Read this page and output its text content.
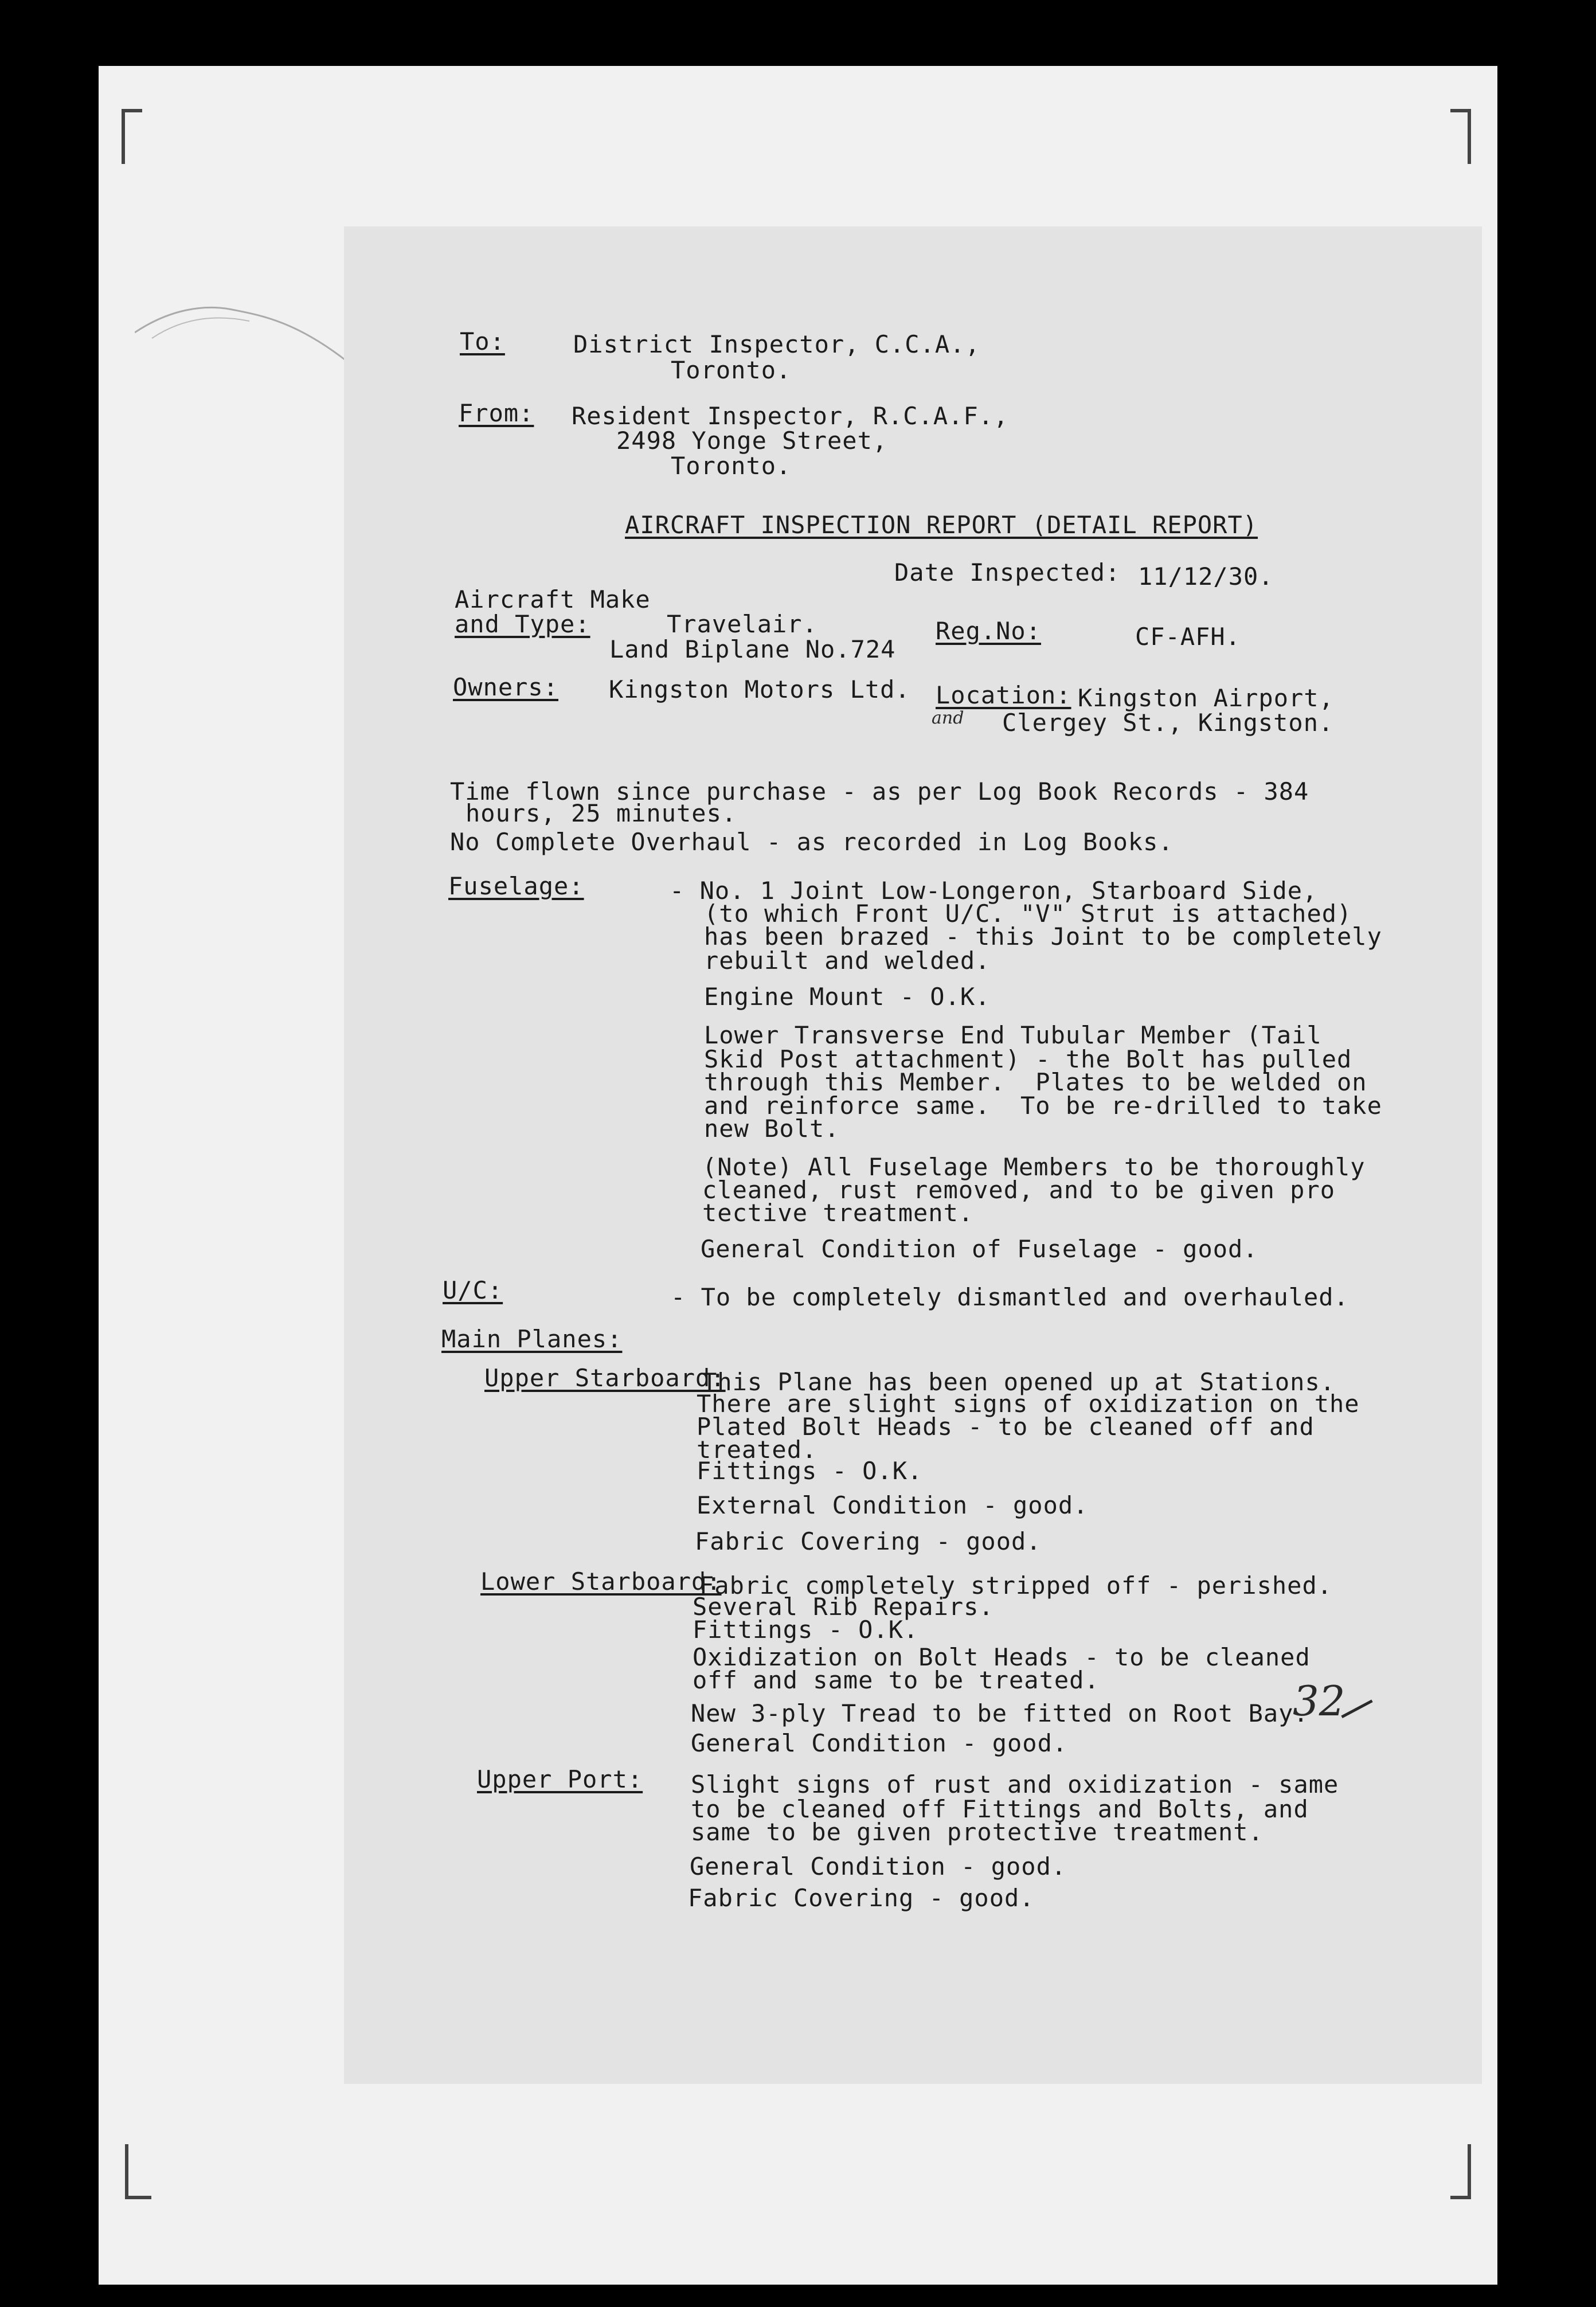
To:	District Inspector, C.C.A.,
Toronto.
From: Resident Inspector, R.C.A.F.,
2498 Yonge Street,
Toronto.
AIRCRAFT INSPECTION REPORT (DETAIL REPORT)
Date Inspected: 11/12/30.
Aircraft Make
and Type:	Travelair.
Land Biplane No.724
Reg.No:	CF-AFH.
Owners: Kingston Motors Ltd. Location: Kingston Airport,
and Clergey St., Kingston.
Time flown since purchase - as per Log Book Records - 384
hours, 25 minutes.
No Complete Overhaul - as recorded in Log Books.
Fuselage:	- No. 1 Joint Low-Longeron, Starboard Side,
(to which Front U/C. "V" Strut is attached)
has been brazed - this Joint to be completely
rebuilt and welded.
Engine Mount - O.K.
Lower Transverse End Tubular Member (Tail
Skid Post attachment) - the Bolt has pulled
through this Member.  Plates to be welded on
and reinforce same.  To be re-drilled to take
new Bolt.
(Note) All Fuselage Members to be thoroughly
cleaned, rust removed, and to be given pro
tective treatment.
General Condition of Fuselage - good.
U/C:	- To be completely dismantled and overhauled.
Main Planes:
Upper Starboard:
This Plane has been opened up at Stations.
There are slight signs of oxidization on the
Plated Bolt Heads - to be cleaned off and
treated.
Fittings - O.K.
External Condition - good.
Fabric Covering - good.
Lower Starboard:
Fabric completely stripped off - perished.
Several Rib Repairs.
Fittings - O.K.
Oxidization on Bolt Heads - to be cleaned
off and same to be treated.
New 3-ply Tread to be fitted on Root Bay.
General Condition - good.
Upper Port: Slight signs of rust and oxidization - same
to be cleaned off Fittings and Bolts, and
same to be given protective treatment.
General Condition - good.
Fabric Covering - good.
32
